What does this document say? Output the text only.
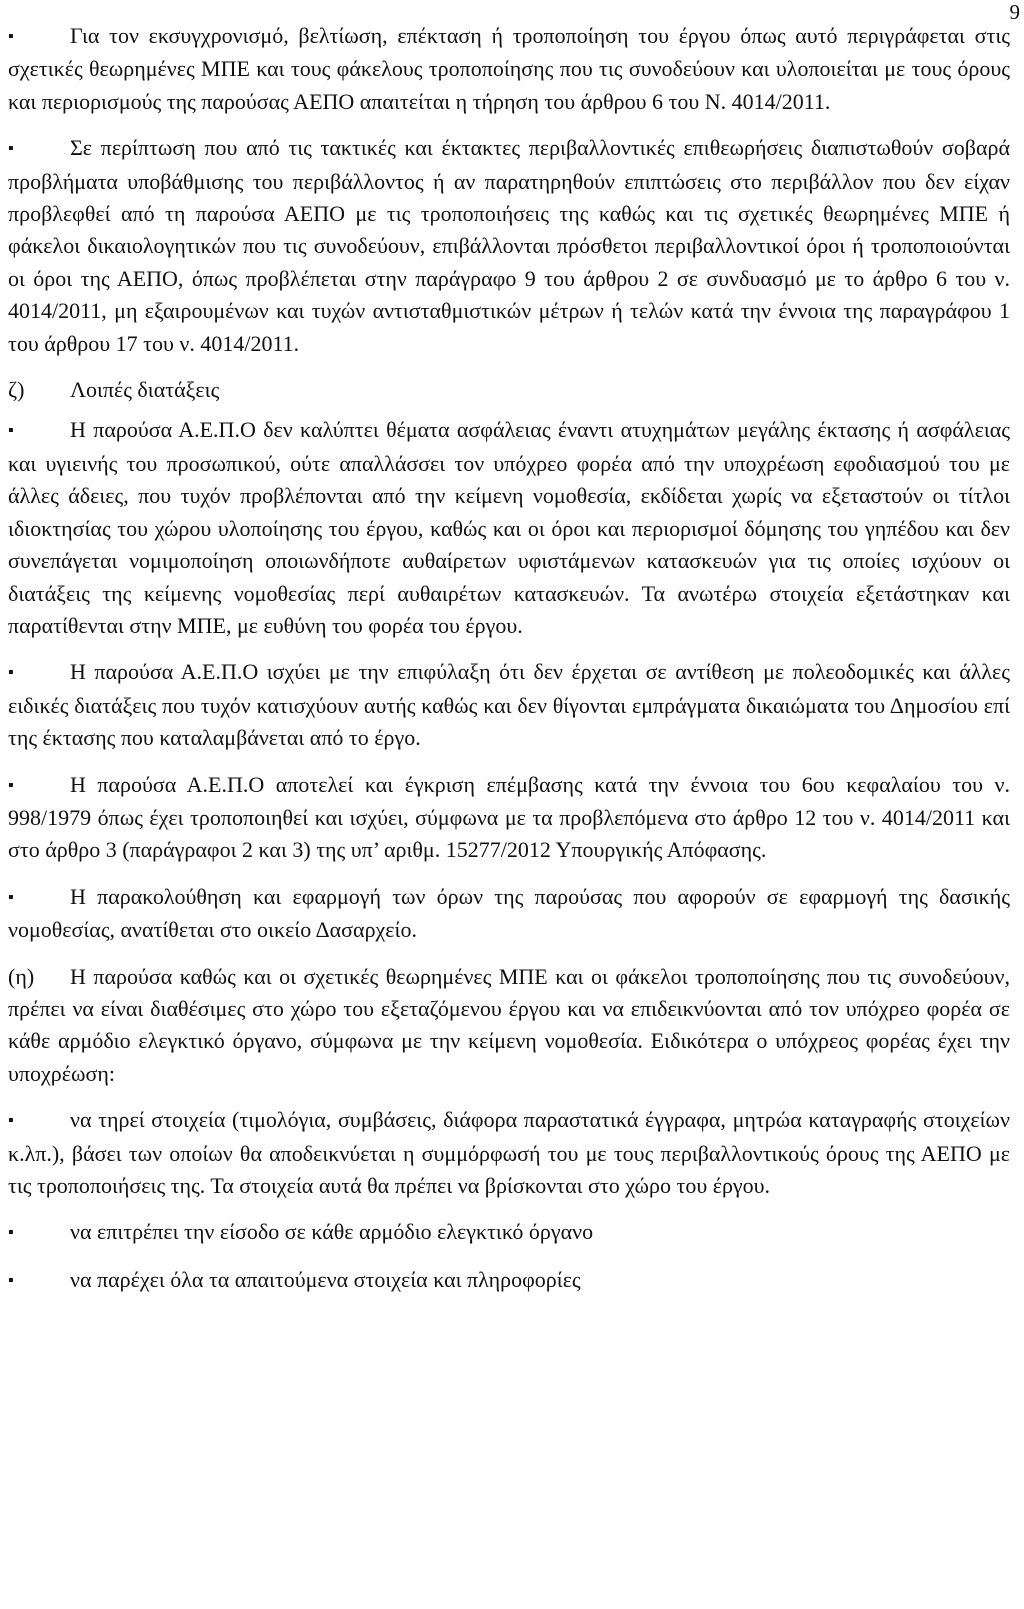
9

▪ Για τον εκσυγχρονισμό, βελτίωση, επέκταση ή τροποποίηση του έργου όπως αυτό περιγράφεται στις σχετικές θεωρημένες ΜΠΕ και τους φάκελους τροποποίησης που τις συνοδεύουν και υλοποιείται με τους όρους και περιορισμούς της παρούσας ΑΕΠΟ απαιτείται η τήρηση του άρθρου 6 του Ν. 4014/2011.

▪ Σε περίπτωση που από τις τακτικές και έκτακτες περιβαλλοντικές επιθεωρήσεις διαπιστωθούν σοβαρά προβλήματα υποβάθμισης του περιβάλλοντος ή αν παρατηρηθούν επιπτώσεις στο περιβάλλον που δεν είχαν προβλεφθεί από τη παρούσα ΑΕΠΟ με τις τροποποιήσεις της καθώς και τις σχετικές θεωρημένες ΜΠΕ ή φάκελοι δικαιολογητικών που τις συνοδεύουν, επιβάλλονται πρόσθετοι περιβαλλοντικοί όροι ή τροποποιούνται οι όροι της ΑΕΠΟ, όπως προβλέπεται στην παράγραφο 9 του άρθρου 2 σε συνδυασμό με το άρθρο 6 του ν. 4014/2011, μη εξαιρουμένων και τυχών αντισταθμιστικών μέτρων ή τελών κατά την έννοια της παραγράφου 1 του άρθρου 17 του ν. 4014/2011.

ζ) Λοιπές διατάξεις

▪ Η παρούσα Α.Ε.Π.Ο δεν καλύπτει θέματα ασφάλειας έναντι ατυχημάτων μεγάλης έκτασης ή ασφάλειας και υγιεινής του προσωπικού, ούτε απαλλάσσει τον υπόχρεο φορέα από την υποχρέωση εφοδιασμού του με άλλες άδειες, που τυχόν προβλέπονται από την κείμενη νομοθεσία, εκδίδεται χωρίς να εξεταστούν οι τίτλοι ιδιοκτησίας του χώρου υλοποίησης του έργου, καθώς και οι όροι και περιορισμοί δόμησης του γηπέδου και δεν συνεπάγεται νομιμοποίηση οποιωνδήποτε αυθαίρετων υφιστάμενων κατασκευών για τις οποίες ισχύουν οι διατάξεις της κείμενης νομοθεσίας περί αυθαιρέτων κατασκευών. Τα ανωτέρω στοιχεία εξετάστηκαν και παρατίθενται στην ΜΠΕ, με ευθύνη του φορέα του έργου.

▪ Η παρούσα Α.Ε.Π.Ο ισχύει με την επιφύλαξη ότι δεν έρχεται σε αντίθεση με πολεοδομικές και άλλες ειδικές διατάξεις που τυχόν κατισχύουν αυτής καθώς και δεν θίγονται εμπράγματα δικαιώματα του Δημοσίου επί της έκτασης που καταλαμβάνεται από το έργο.

▪ Η παρούσα Α.Ε.Π.Ο αποτελεί και έγκριση επέμβασης κατά την έννοια του 6ου κεφαλαίου του ν. 998/1979 όπως έχει τροποποιηθεί και ισχύει, σύμφωνα με τα προβλεπόμενα στο άρθρο 12 του ν. 4014/2011 και στο άρθρο 3 (παράγραφοι 2 και 3) της υπ’ αριθμ. 15277/2012 Υπουργικής Απόφασης.

▪ Η παρακολούθηση και εφαρμογή των όρων της παρούσας που αφορούν σε εφαρμογή της δασικής νομοθεσίας, ανατίθεται στο οικείο Δασαρχείο.

(η) Η παρούσα καθώς και οι σχετικές θεωρημένες ΜΠΕ και οι φάκελοι τροποποίησης που τις συνοδεύουν, πρέπει να είναι διαθέσιμες στο χώρο του εξεταζόμενου έργου και να επιδεικνύονται από τον υπόχρεο φορέα σε κάθε αρμόδιο ελεγκτικό όργανο, σύμφωνα με την κείμενη νομοθεσία. Ειδικότερα ο υπόχρεος φορέας έχει την υποχρέωση:

▪ να τηρεί στοιχεία (τιμολόγια, συμβάσεις, διάφορα παραστατικά έγγραφα, μητρώα καταγραφής στοιχείων κ.λπ.), βάσει των οποίων θα αποδεικνύεται η συμμόρφωσή του με τους περιβαλλοντικούς όρους της ΑΕΠΟ με τις τροποποιήσεις της. Τα στοιχεία αυτά θα πρέπει να βρίσκονται στο χώρο του έργου.

▪ να επιτρέπει την είσοδο σε κάθε αρμόδιο ελεγκτικό όργανο

▪ να παρέχει όλα τα απαιτούμενα στοιχεία και πληροφορίες
